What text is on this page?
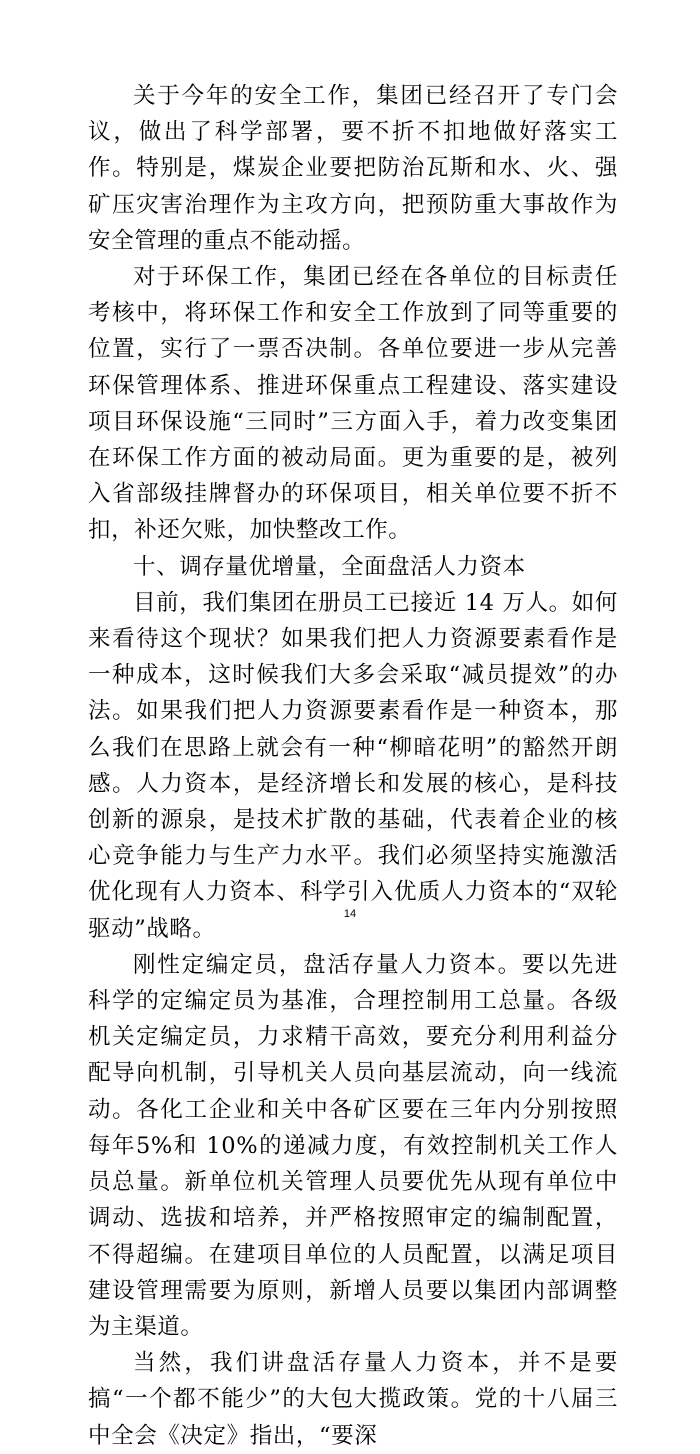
关于今年的安全工作，集团已经召开了专门会议，做出了科学部署，要不折不扣地做好落实工作。特别是，煤炭企业要把防治瓦斯和水、火、强矿压灾害治理作为主攻方向，把预防重大事故作为安全管理的重点不能动摇。

对于环保工作，集团已经在各单位的目标责任考核中，将环保工作和安全工作放到了同等重要的位置，实行了一票否决制。各单位要进一步从完善环保管理体系、推进环保重点工程建设、落实建设项目环保设施“三同时”三方面入手，着力改变集团在环保工作方面的被动局面。更为重要的是，被列入省部级挂牌督办的环保项目，相关单位要不折不扣，补还欠账，加快整改工作。

十、调存量优增量，全面盘活人力资本

目前，我们集团在册员工已接近 14 万人。如何来看待这个现状？如果我们把人力资源要素看作是一种成本，这时候我们大多会采取“减员提效”的办法。如果我们把人力资源要素看作是一种资本，那么我们在思路上就会有一种“柳暗花明”的豁然开朗感。人力资本，是经济增长和发展的核心，是科技创新的源泉，是技术扩散的基础，代表着企业的核心竞争能力与生产力水平。我们必须坚持实施激活优化现有人力资本、科学引入优质人力资本的“双轮驱动”战略。

刚性定编定员，盘活存量人力资本。要以先进科学的定编定员为基准，合理控制用工总量。各级机关定编定员，力求精干高效，要充分利用利益分配导向机制，引导机关人员向基层流动，向一线流动。各化工企业和关中各矿区要在三年内分别按照每年5%和 10%的递减力度，有效控制机关工作人员总量。新单位机关管理人员要优先从现有单位中调动、选拔和培养，并严格按照审定的编制配置，不得超编。在建项目单位的人员配置，以满足项目建设管理需要为原则，新增人员要以集团内部调整为主渠道。

当然，我们讲盘活存量人力资本，并不是要搞“一个都不能少”的大包大揽政策。党的十八届三中全会《决定》指出，“要深

14
